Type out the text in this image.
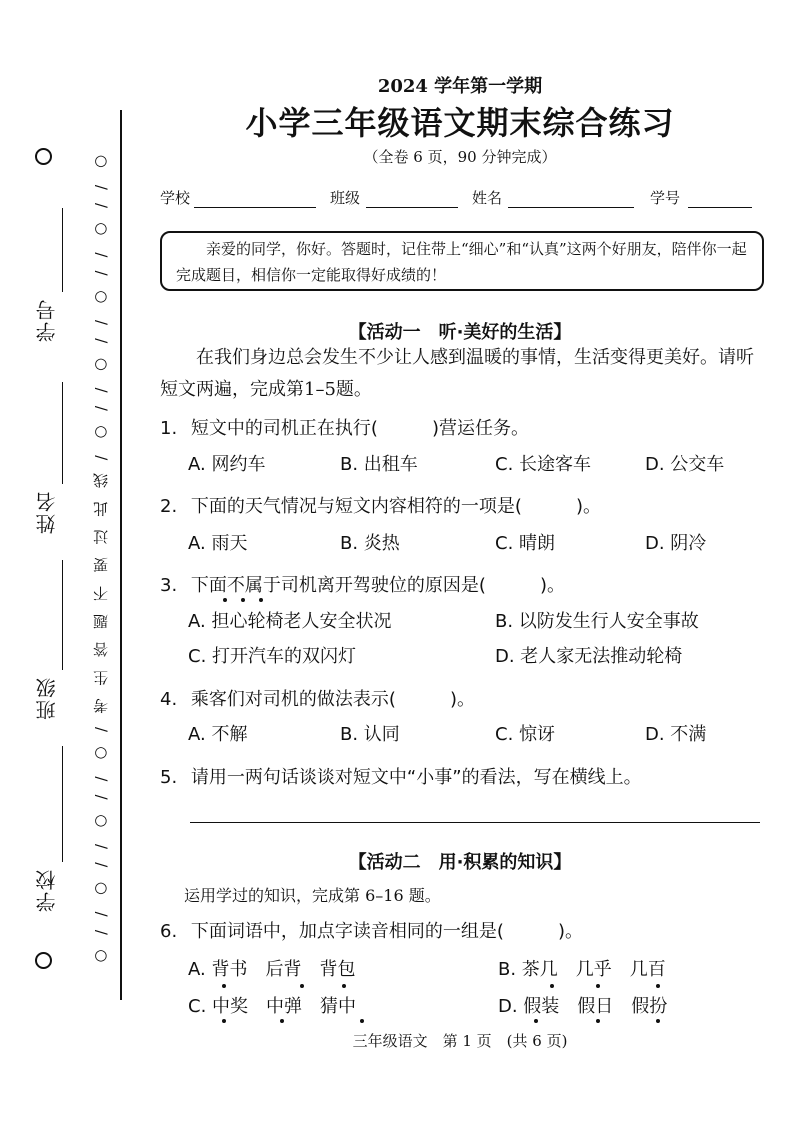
学号
姓名
班级
学校 ○ / / ○ / / ○ / / ○ / 考 生 答 题 不 要 过 此 线 / ○ / / ○ / / ○ / / ○ / / ○
2024 学年第一学期
小学三年级语文期末综合练习
（全卷 6 页，90 分钟完成）
学校	班级	姓名	学号
亲爱的同学，你好。答题时，记住带上“细心”和“认真”这两个好朋友，陪伴你一起完成题目，相信你一定能取得好成绩的！
【活动一　听·美好的生活】
在我们身边总会发生不少让人感到温暖的事情，生活变得更美好。请听短文两遍，完成第1–5题。
1. 短文中的司机正在执行(　　　)营运任务。
A. 网约车	B. 出租车	C. 长途客车	D. 公交车
2. 下面的天气情况与短文内容相符的一项是(　　　)。
A. 雨天	B. 炎热	C. 晴朗	D. 阴冷
3. 下面不属于司机离开驾驶位的原因是(　　　)。
A. 担心轮椅老人安全状况	B. 以防发生行人安全事故
C. 打开汽车的双闪灯	D. 老人家无法推动轮椅
4. 乘客们对司机的做法表示(　　　)。
A. 不解	B. 认同	C. 惊讶	D. 不满
5. 请用一两句话谈谈对短文中“小事”的看法，写在横线上。
【活动二　用·积累的知识】
运用学过的知识，完成第 6–16 题。
6. 下面词语中，加点字读音相同的一组是(　　　)。
A. 背书　后背　背包	B. 茶几　几乎　几百
C. 中奖　中弹　猜中	D. 假装　假日　假扮
三年级语文　第 1 页　(共 6 页)
